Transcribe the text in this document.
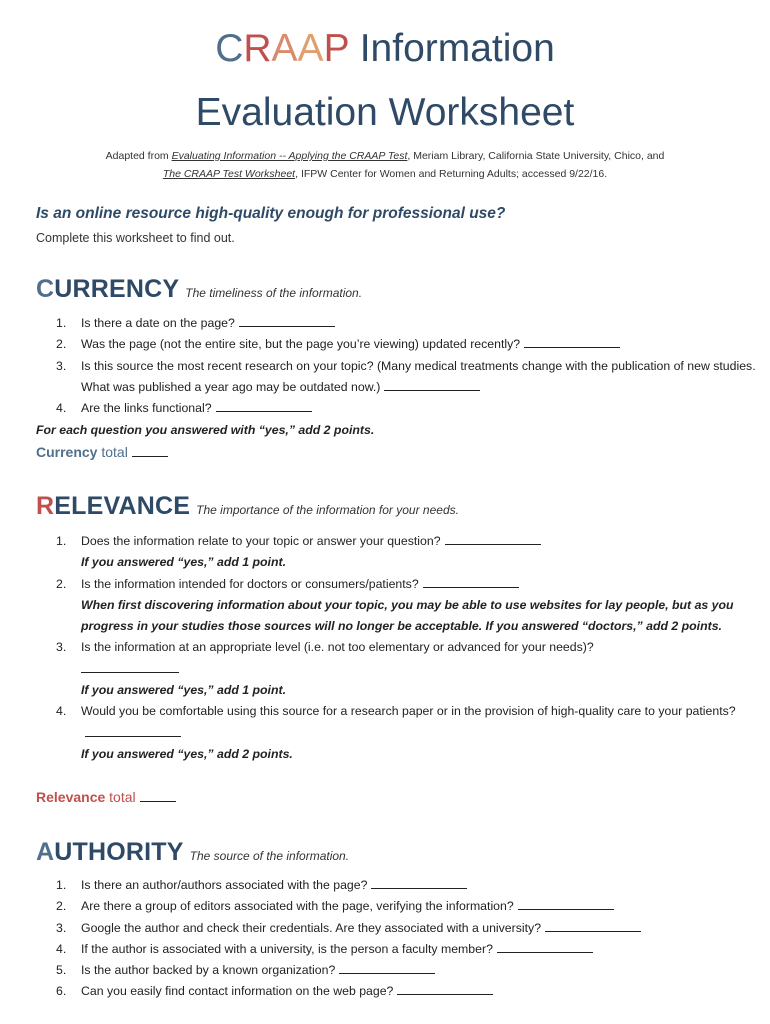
CRAAP Information
Evaluation Worksheet
Adapted from Evaluating Information -- Applying the CRAAP Test, Meriam Library, California State University, Chico, and
The CRAAP Test Worksheet, IFPW Center for Women and Returning Adults; accessed 9/22/16.
Is an online resource high-quality enough for professional use?
Complete this worksheet to find out.
CURRENCY The timeliness of the information.
1. Is there a date on the page?
2. Was the page (not the entire site, but the page you’re viewing) updated recently?
3. Is this source the most recent research on your topic? (Many medical treatments change with the publication of new studies. What was published a year ago may be outdated now.)
4. Are the links functional?
For each question you answered with “yes,” add 2 points.
Currency total
RELEVANCE The importance of the information for your needs.
1. Does the information relate to your topic or answer your question?
If you answered “yes,” add 1 point.
2. Is the information intended for doctors or consumers/patients?
When first discovering information about your topic, you may be able to use websites for lay people, but as you progress in your studies those sources will no longer be acceptable. If you answered “doctors,” add 2 points.
3. Is the information at an appropriate level (i.e. not too elementary or advanced for your needs)?

If you answered “yes,” add 1 point.
4. Would you be comfortable using this source for a research paper or in the provision of high-quality care to your patients?
If you answered “yes,” add 2 points.
Relevance total
AUTHORITY The source of the information.
1. Is there an author/authors associated with the page?
2. Are there a group of editors associated with the page, verifying the information?
3. Google the author and check their credentials. Are they associated with a university?
4. If the author is associated with a university, is the person a faculty member?
5. Is the author backed by a known organization?
6. Can you easily find contact information on the web page?
